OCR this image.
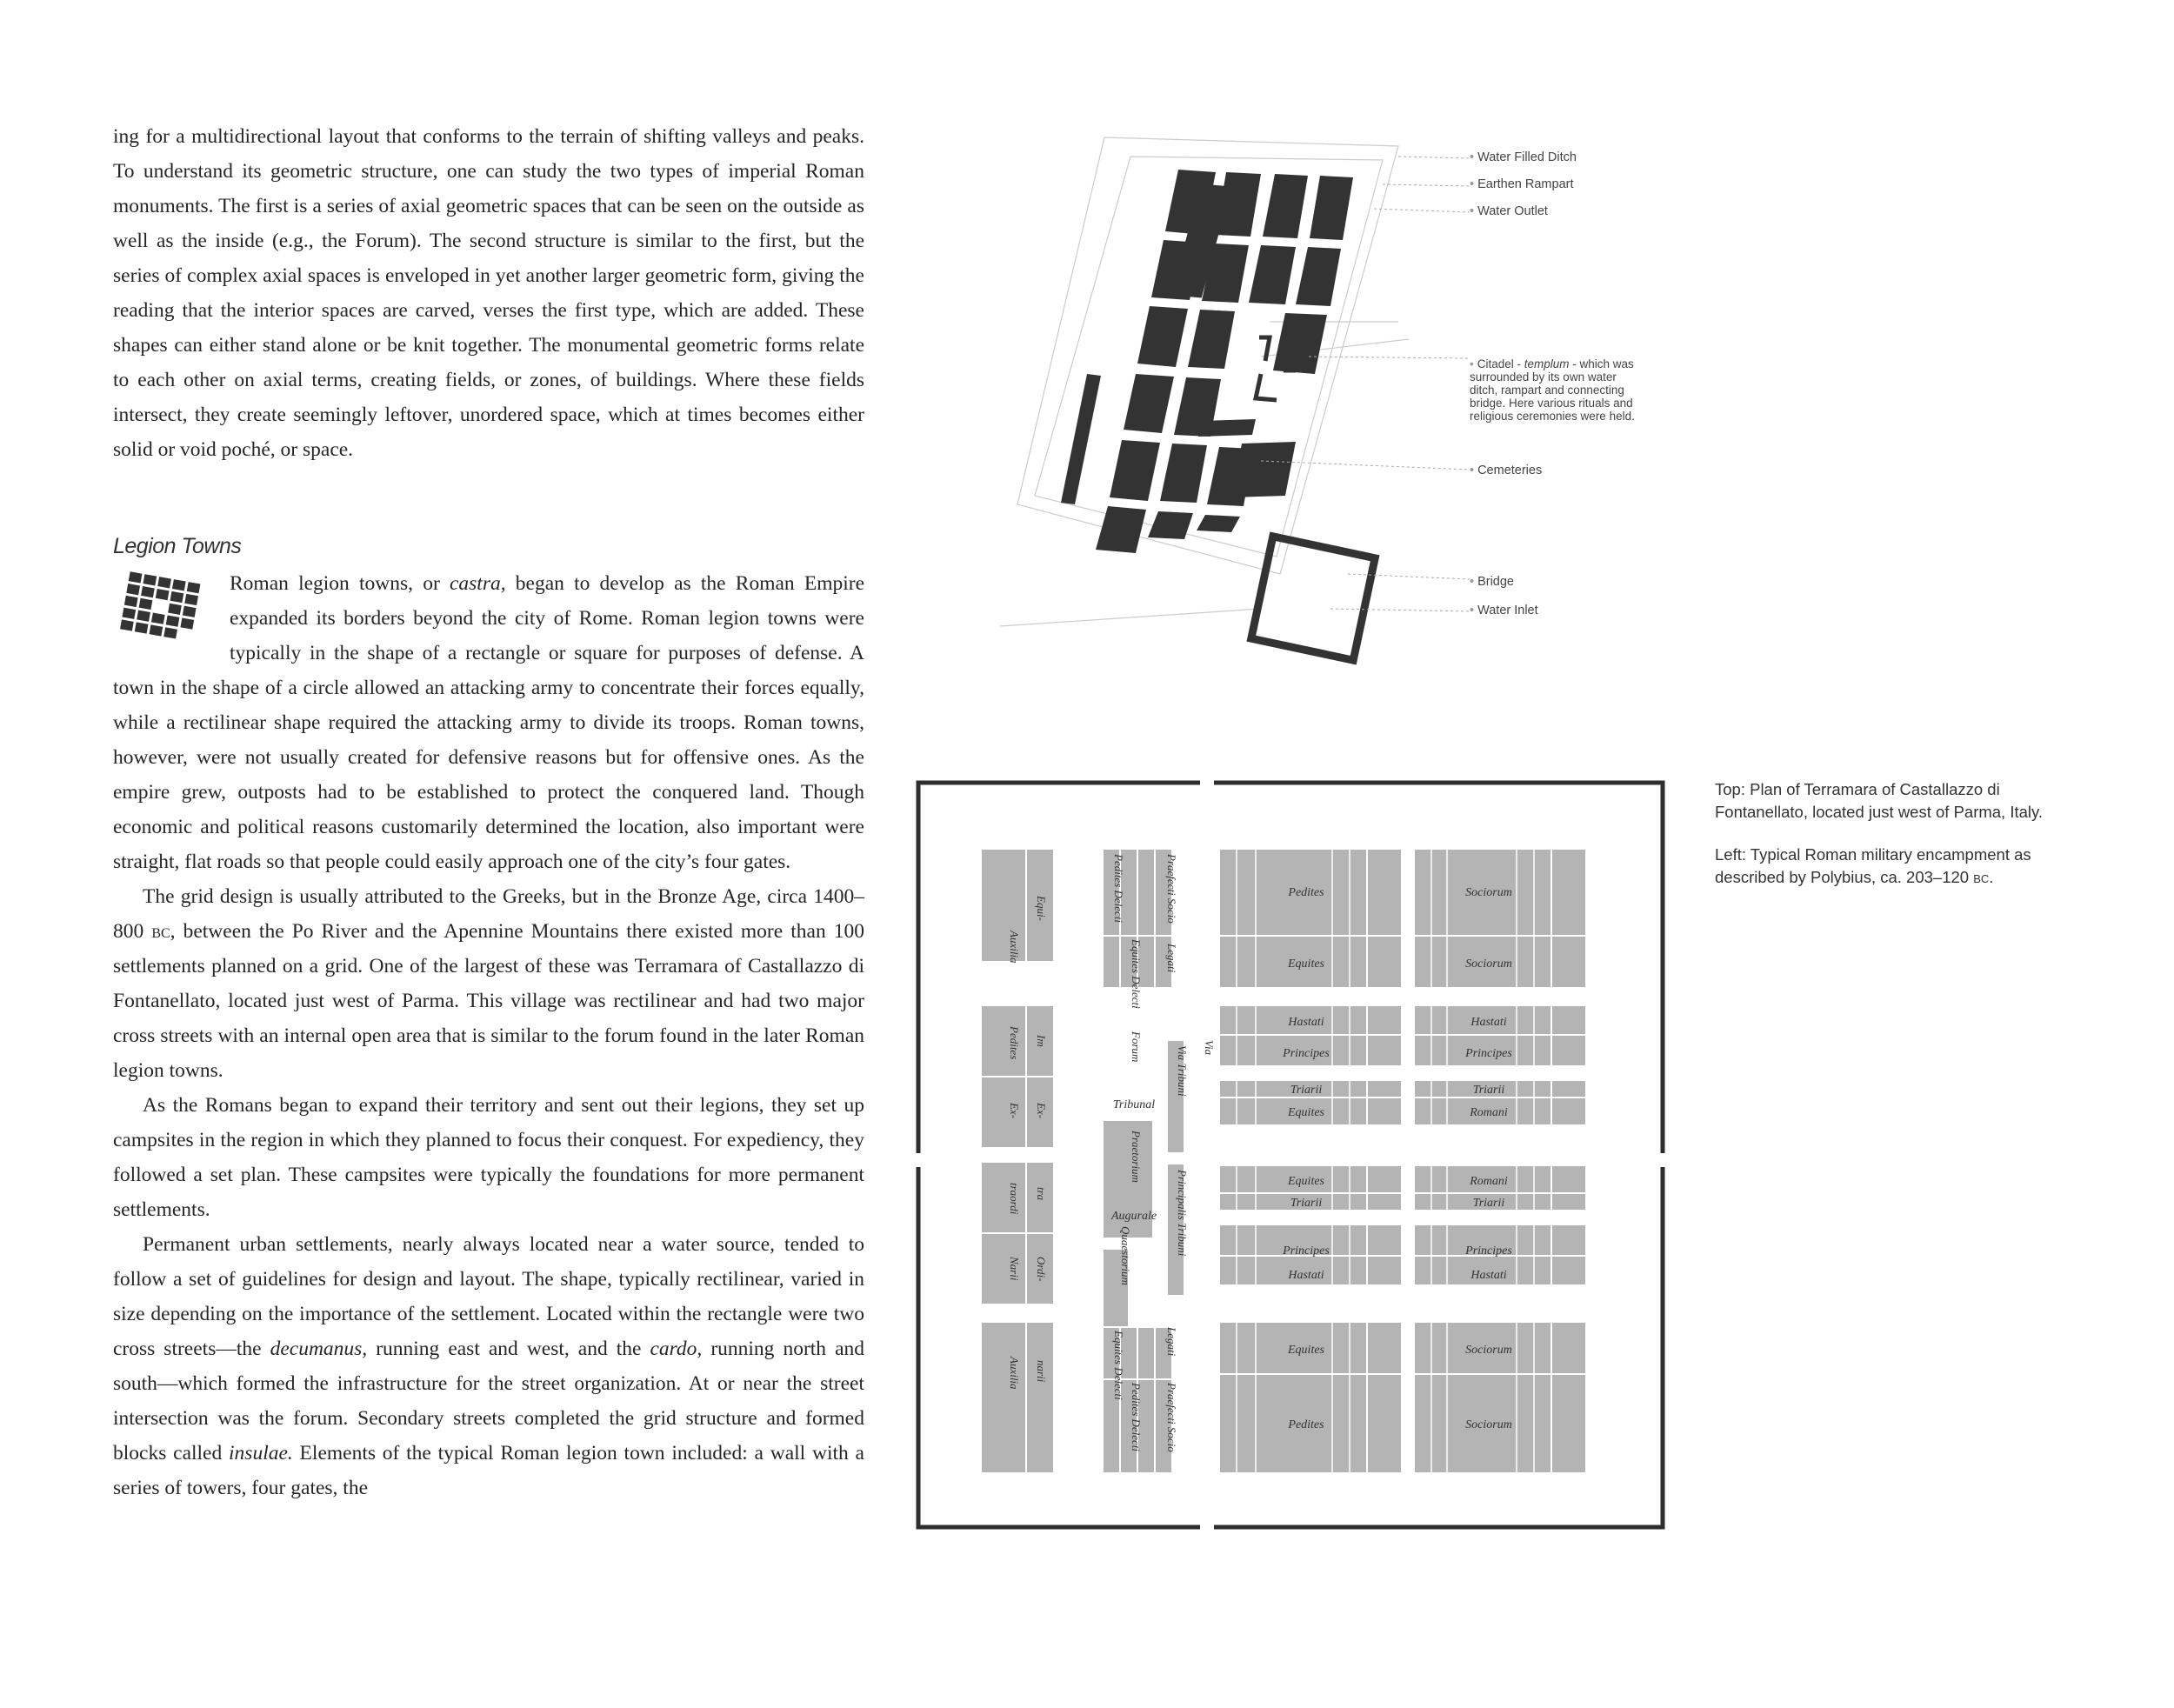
ing for a multidirectional layout that conforms to the terrain of shifting valleys and peaks. To understand its geometric structure, one can study the two types of imperial Roman monuments. The first is a series of axial geometric spaces that can be seen on the outside as well as the inside (e.g., the Forum). The second structure is similar to the first, but the series of complex axial spaces is enveloped in yet another larger geometric form, giving the reading that the interior spaces are carved, verses the first type, which are added. These shapes can either stand alone or be knit together. The monumental geometric forms relate to each other on axial terms, creating fields, or zones, of buildings. Where these fields intersect, they create seemingly leftover, unordered space, which at times becomes either solid or void poché, or space.

Legion Towns

Roman legion towns, or castra, began to develop as the Roman Empire expanded its borders beyond the city of Rome. Roman legion towns were typically in the shape of a rectangle or square for purposes of defense. A town in the shape of a circle allowed an attacking army to concentrate their forces equally, while a rectilinear shape required the attacking army to divide its troops. Roman towns, however, were not usually created for defensive reasons but for offensive ones. As the empire grew, outposts had to be established to protect the conquered land. Though economic and political reasons customarily determined the location, also important were straight, flat roads so that people could easily approach one of the city’s four gates.

The grid design is usually attributed to the Greeks, but in the Bronze Age, circa 1400–800 bc, between the Po River and the Apennine Mountains there existed more than 100 settlements planned on a grid. One of the largest of these was Terramara of Castallazzo di Fontanellato, located just west of Parma. This village was rectilinear and had two major cross streets with an internal open area that is similar to the forum found in the later Roman legion towns.

As the Romans began to expand their territory and sent out their legions, they set up campsites in the region in which they planned to focus their conquest. For expediency, they followed a set plan. These campsites were typically the foundations for more permanent settlements.

Permanent urban settlements, nearly always located near a water source, tended to follow a set of guidelines for design and layout. The shape, typically rectilinear, varied in size depending on the importance of the settlement. Located within the rectangle were two cross streets—the decumanus, running east and west, and the cardo, running north and south—which formed the infrastructure for the street organization. At or near the street intersection was the forum. Secondary streets completed the grid structure and formed blocks called insulae. Elements of the typical Roman legion town included: a wall with a series of towers, four gates, the

• Water Filled Ditch
• Earthen Rampart
• Water Outlet
• Citadel - templum - which was
surrounded by its own water
ditch, rampart and connecting
bridge. Here various rituals and
religious ceremonies were held.
• Cemeteries
• Bridge
• Water Inlet
Pedites	Sociorum
Equites	Sociorum
Hastati	Hastati
Principes	Principes
Triarii	Triarii
Equites	Romani
Equites	Romani
Triarii	Triarii
Principes	Principes
Hastati	Hastati
Equites	Sociorum
Pedites	Sociorum
Tribunal
Augurale
Auxilia
Equi-
Pedites Im
Ex- Ex-
traordi tra
Narii Ordi-
narii
Auxilia
Praefecti Socio
Pedites Delecti
Equites Delecti Legati
Forum	Via Tribuni
Praetorium
Quaestorium	Principalis Tribuni
Via
Legati
Equites Delecti
Pedites Delecti Praefecti Socio
Top: Plan of Terramara of Castallazzo di Fontanellato, located just west of Parma, Italy.
Left: Typical Roman military encampment as described by Polybius, ca. 203–120 bc.
